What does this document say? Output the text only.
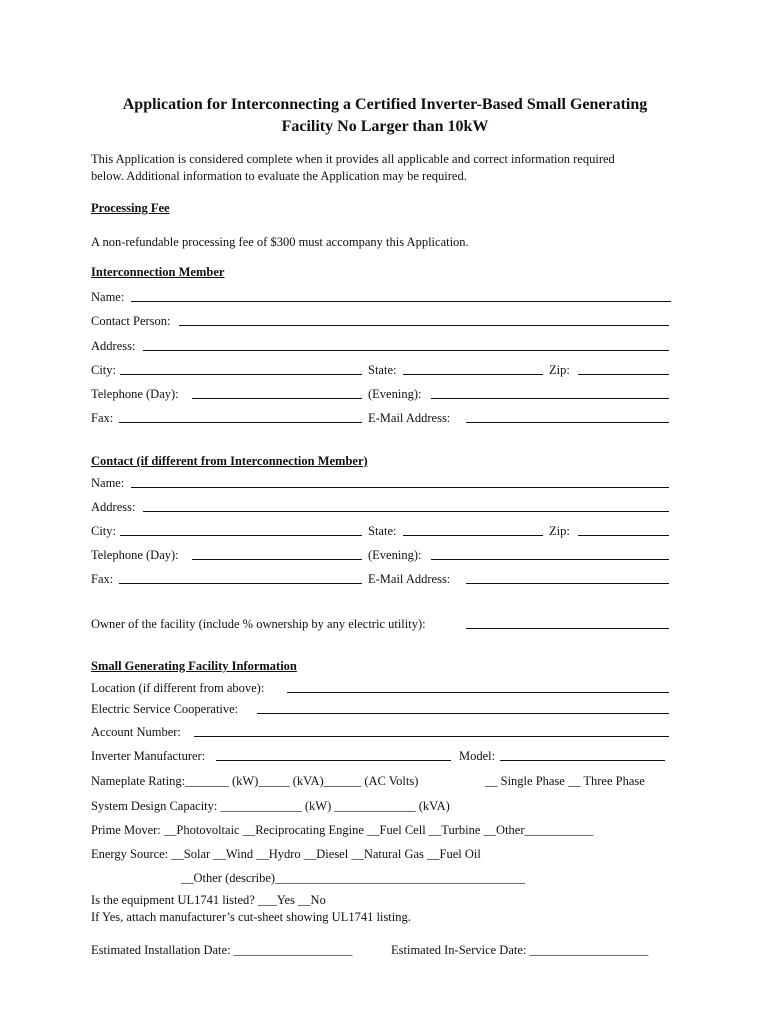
Application for Interconnecting a Certified Inverter-Based Small Generating
Facility No Larger than 10kW
This Application is considered complete when it provides all applicable and correct information required
below. Additional information to evaluate the Application may be required.
Processing Fee
A non-refundable processing fee of $300 must accompany this Application.
Interconnection Member
Name:
Contact Person:
Address:
City:	State:	Zip:
Telephone (Day):	(Evening):
Fax:	E-Mail Address:
Contact (if different from Interconnection Member)
Name:
Address:
City:	State:	Zip:
Telephone (Day):	(Evening):
Fax:	E-Mail Address:
Owner of the facility (include % ownership by any electric utility):
Small Generating Facility Information
Location (if different from above):
Electric Service Cooperative:
Account Number:
Inverter Manufacturer:	Model:
Nameplate Rating:_______ (kW)_____ (kVA)______ (AC Volts)	__ Single Phase __ Three Phase
System Design Capacity: _____________ (kW) _____________ (kVA)
Prime Mover: __Photovoltaic __Reciprocating Engine __Fuel Cell __Turbine __Other___________
Energy Source: __Solar __Wind __Hydro __Diesel __Natural Gas __Fuel Oil
__Other (describe)________________________________________
Is the equipment UL1741 listed? ___Yes __No
If Yes, attach manufacturer’s cut-sheet showing UL1741 listing.
Estimated Installation Date: ___________________	Estimated In-Service Date: ___________________
